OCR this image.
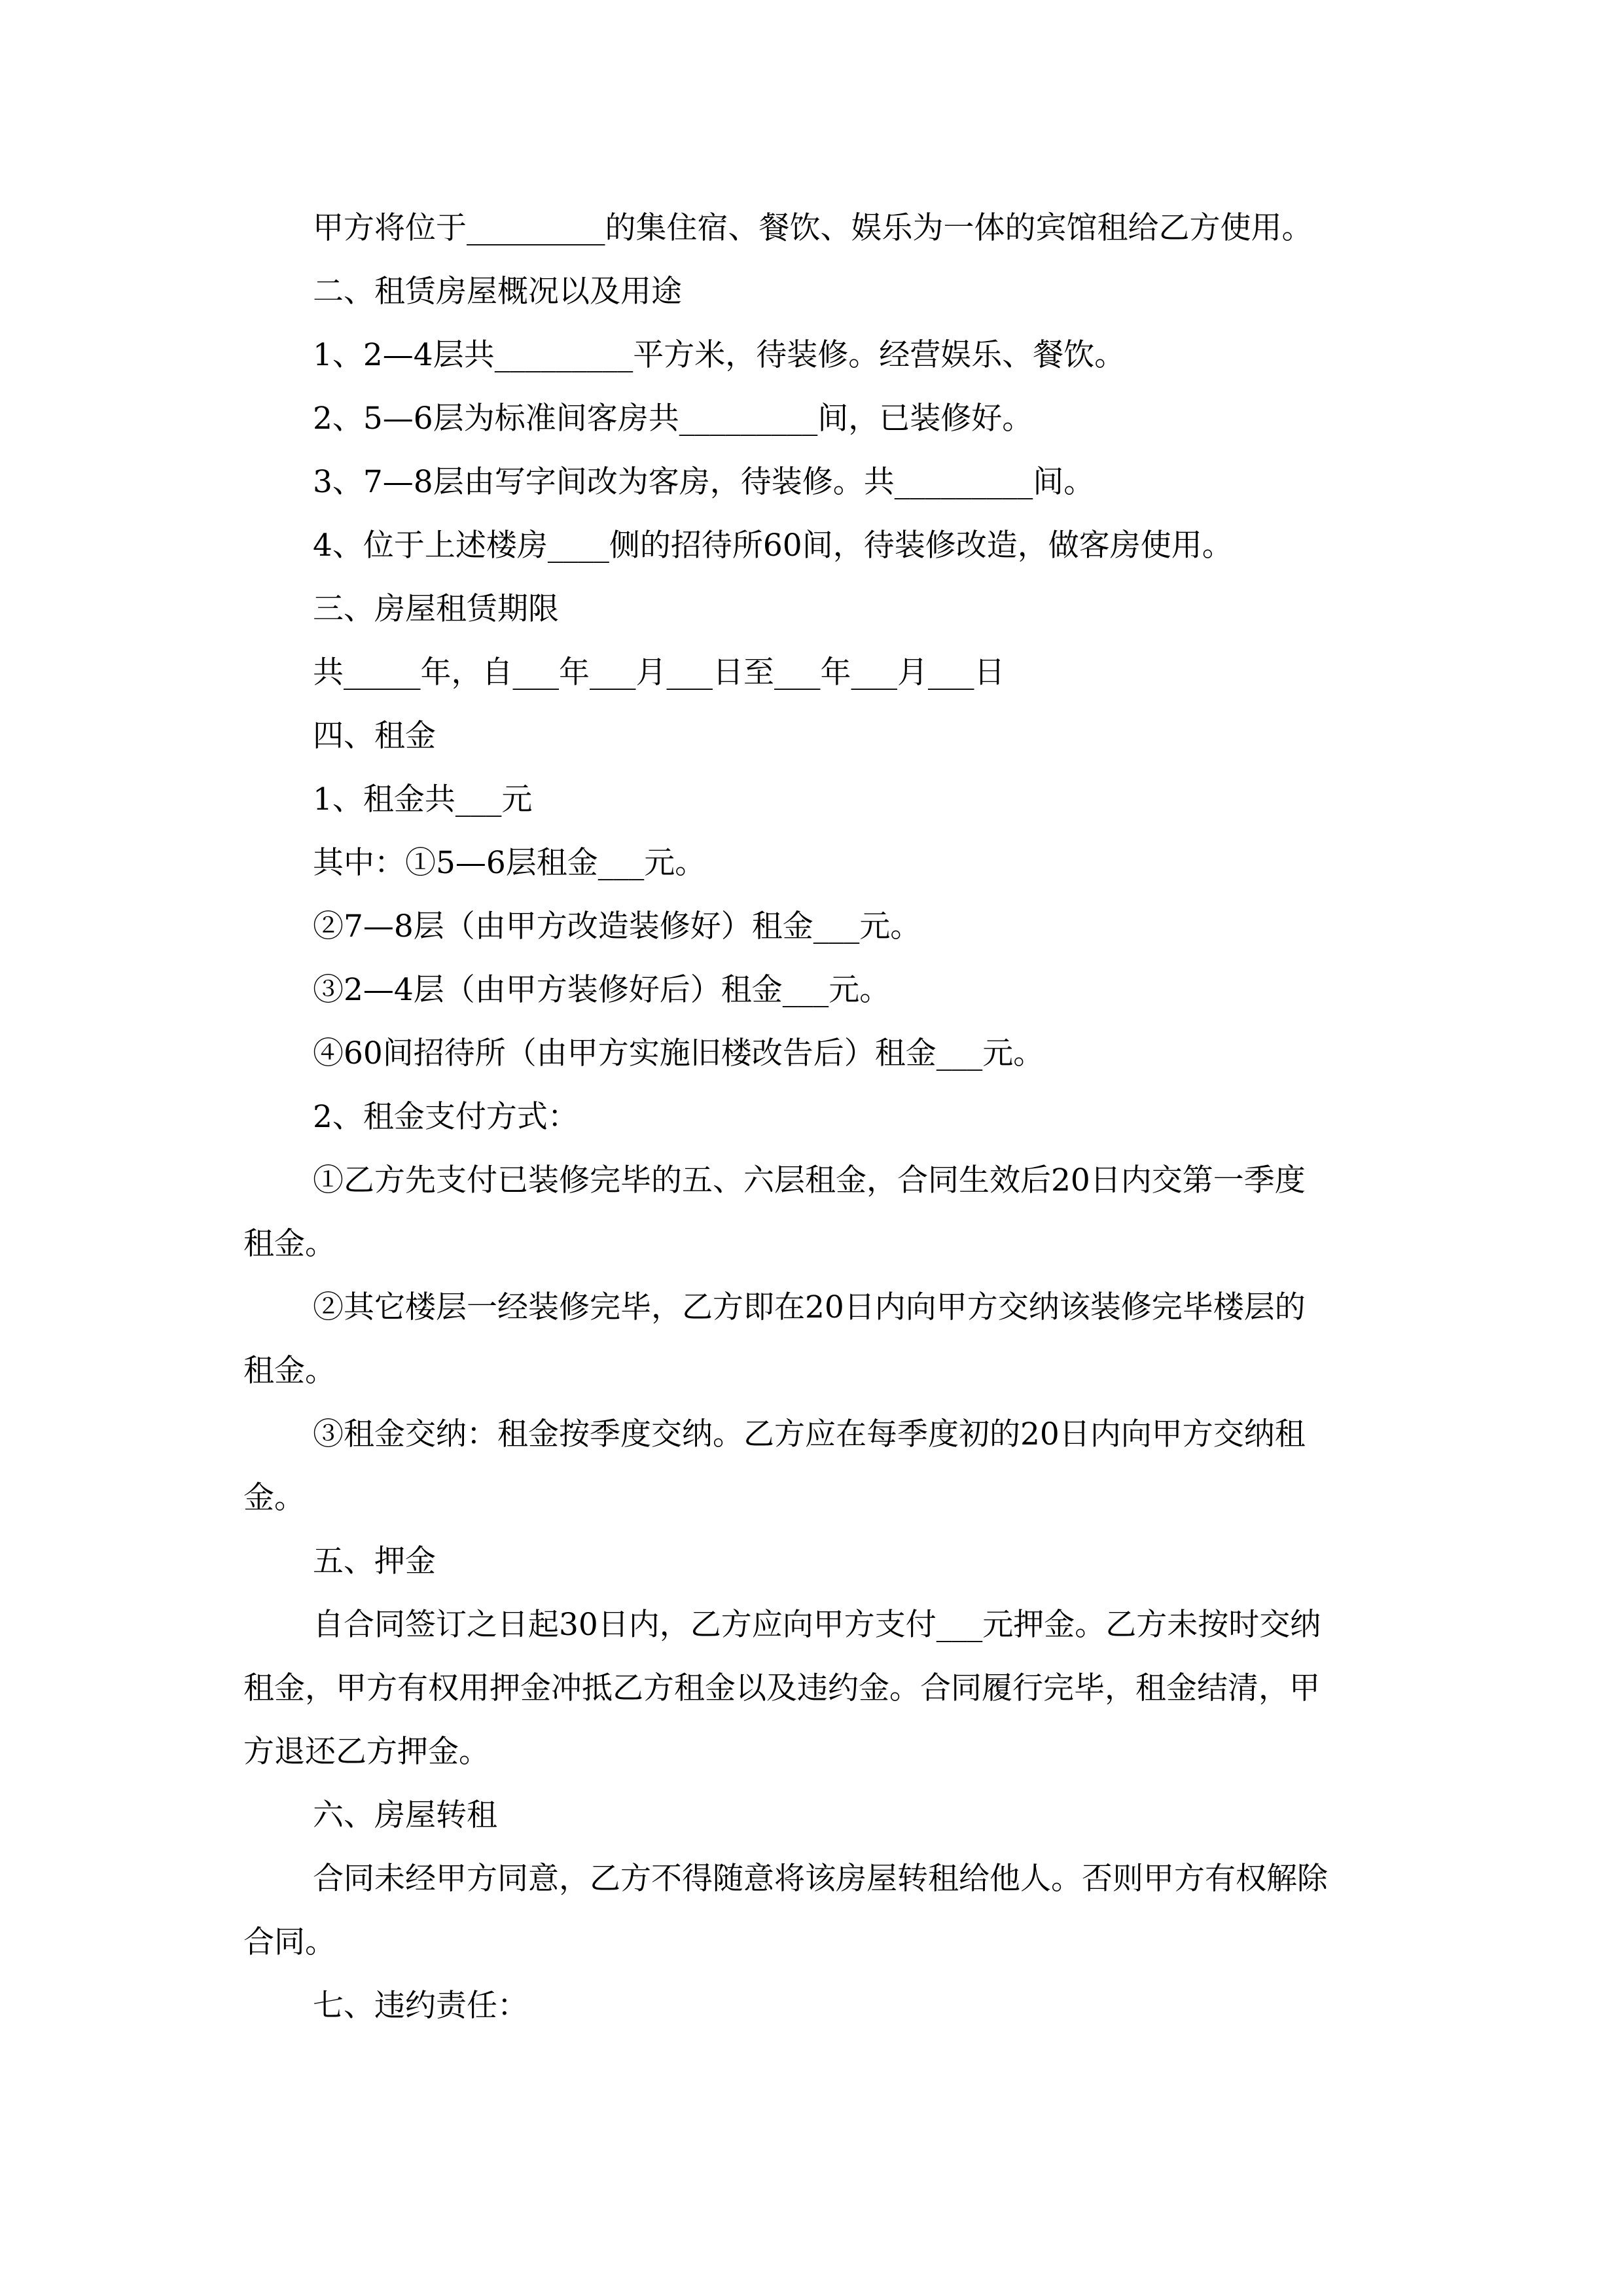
甲方将位于_________的集住宿、餐饮、娱乐为一体的宾馆租给乙方使用。
二、租赁房屋概况以及用途
1、2—4层共_________平方米，待装修。经营娱乐、餐饮。
2、5—6层为标准间客房共_________间，已装修好。
3、7—8层由写字间改为客房，待装修。共_________间。
4、位于上述楼房____侧的招待所60间，待装修改造，做客房使用。
三、房屋租赁期限
共_____年，自___年___月___日至___年___月___日
四、租金
1、租金共___元
其中：①5—6层租金___元。
②7—8层（由甲方改造装修好）租金___元。
③2—4层（由甲方装修好后）租金___元。
④60间招待所（由甲方实施旧楼改告后）租金___元。
2、租金支付方式：
①乙方先支付已装修完毕的五、六层租金，合同生效后20日内交第一季度
租金。
②其它楼层一经装修完毕，乙方即在20日内向甲方交纳该装修完毕楼层的
租金。
③租金交纳：租金按季度交纳。乙方应在每季度初的20日内向甲方交纳租
金。
五、押金
自合同签订之日起30日内，乙方应向甲方支付___元押金。乙方未按时交纳
租金，甲方有权用押金冲抵乙方租金以及违约金。合同履行完毕，租金结清，甲
方退还乙方押金。
六、房屋转租
合同未经甲方同意，乙方不得随意将该房屋转租给他人。否则甲方有权解除
合同。
七、违约责任：
